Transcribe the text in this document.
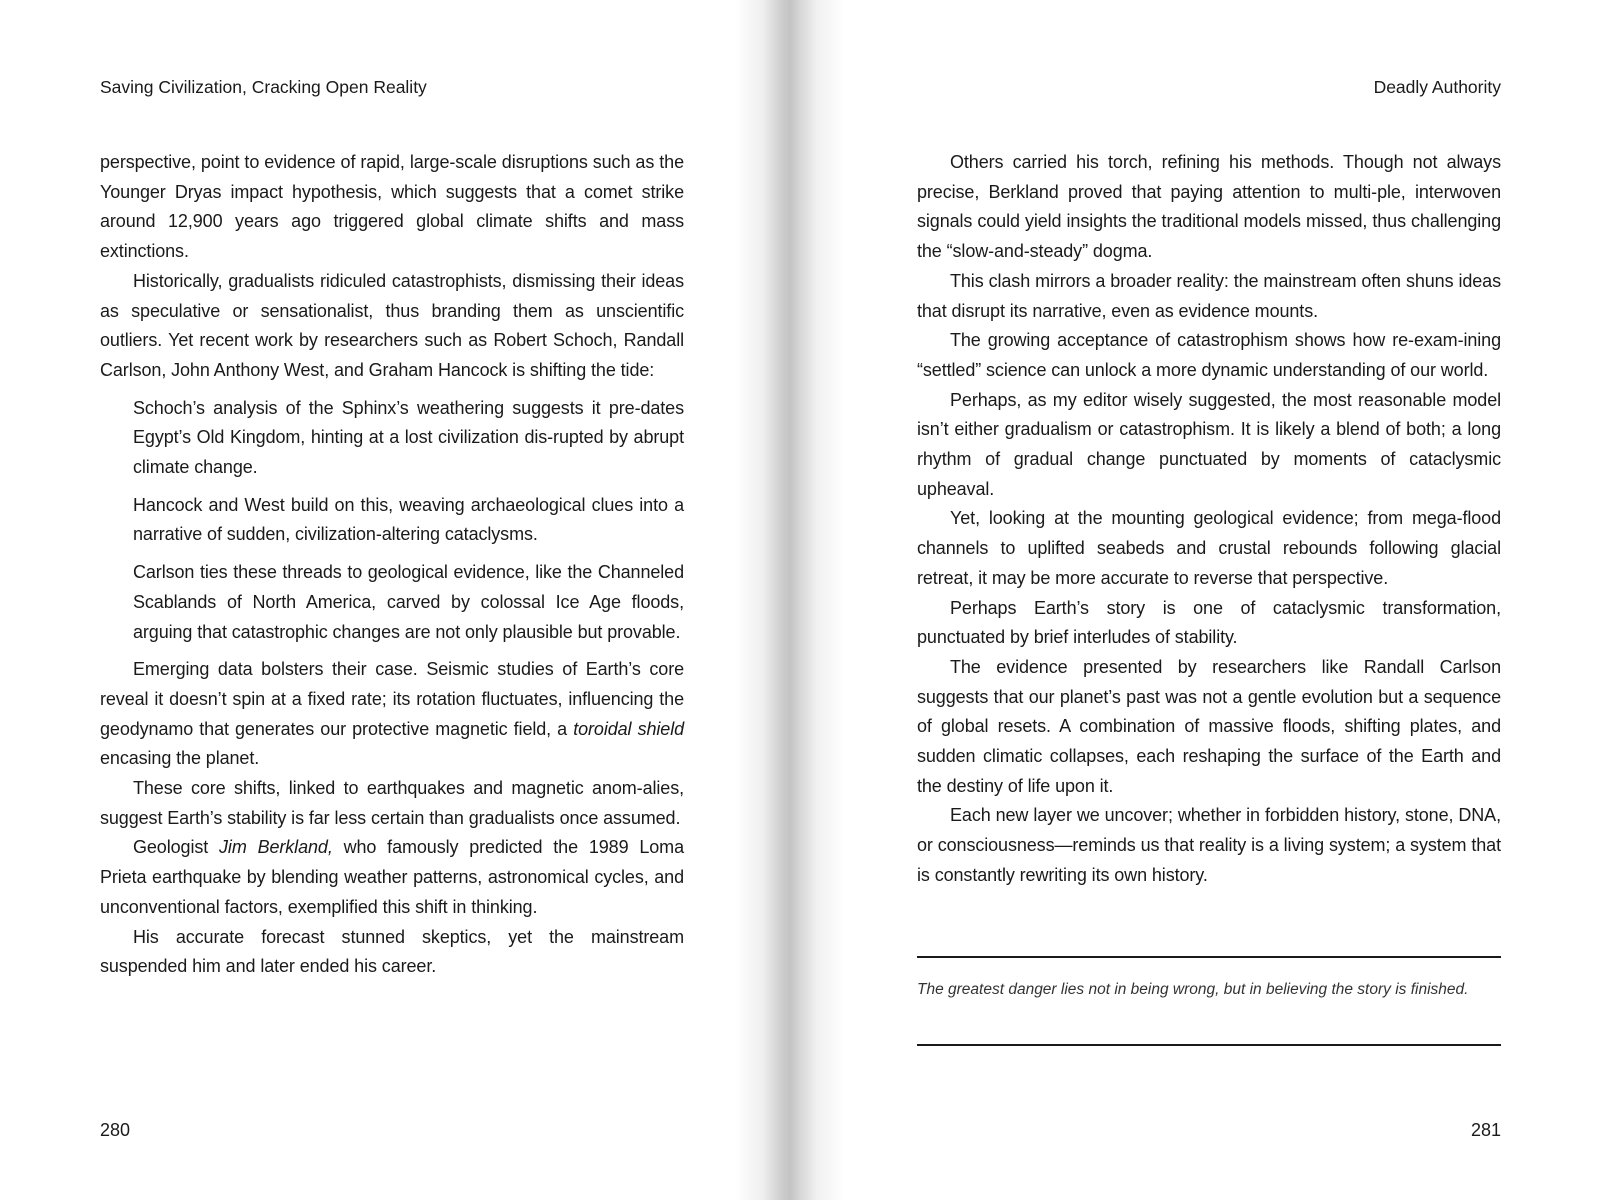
Saving Civilization, Cracking Open Reality

perspective, point to evidence of rapid, large-scale disruptions such as the Younger Dryas impact hypothesis, which suggests that a comet strike around 12,900 years ago triggered global climate shifts and mass extinctions.

Historically, gradualists ridiculed catastrophists, dismissing their ideas as speculative or sensationalist, thus branding them as unscientific outliers. Yet recent work by researchers such as Robert Schoch, Randall Carlson, John Anthony West, and Graham Hancock is shifting the tide:

Schoch’s analysis of the Sphinx’s weathering suggests it pre-dates Egypt’s Old Kingdom, hinting at a lost civilization dis-rupted by abrupt climate change.

Hancock and West build on this, weaving archaeological clues into a narrative of sudden, civilization-altering cataclysms.

Carlson ties these threads to geological evidence, like the Channeled Scablands of North America, carved by colossal Ice Age floods, arguing that catastrophic changes are not only plausible but provable.

Emerging data bolsters their case. Seismic studies of Earth’s core reveal it doesn’t spin at a fixed rate; its rotation fluctuates, influencing the geodynamo that generates our protective magnetic field, a toroidal shield encasing the planet.

These core shifts, linked to earthquakes and magnetic anom-alies, suggest Earth’s stability is far less certain than gradualists once assumed.

Geologist Jim Berkland, who famously predicted the 1989 Loma Prieta earthquake by blending weather patterns, astronomical cycles, and unconventional factors, exemplified this shift in thinking.

His accurate forecast stunned skeptics, yet the mainstream suspended him and later ended his career.

280
Deadly Authority

Others carried his torch, refining his methods. Though not always precise, Berkland proved that paying attention to multi-ple, interwoven signals could yield insights the traditional models missed, thus challenging the “slow-and-steady” dogma.

This clash mirrors a broader reality: the mainstream often shuns ideas that disrupt its narrative, even as evidence mounts.

The growing acceptance of catastrophism shows how re-exam-ining “settled” science can unlock a more dynamic understanding of our world.

Perhaps, as my editor wisely suggested, the most reasonable model isn’t either gradualism or catastrophism. It is likely a blend of both; a long rhythm of gradual change punctuated by moments of cataclysmic upheaval.

Yet, looking at the mounting geological evidence; from mega-flood channels to uplifted seabeds and crustal rebounds following glacial retreat, it may be more accurate to reverse that perspective.

Perhaps Earth’s story is one of cataclysmic transformation, punctuated by brief interludes of stability.

The evidence presented by researchers like Randall Carlson suggests that our planet’s past was not a gentle evolution but a sequence of global resets. A combination of massive floods, shifting plates, and sudden climatic collapses, each reshaping the surface of the Earth and the destiny of life upon it.

Each new layer we uncover; whether in forbidden history, stone, DNA, or consciousness—reminds us that reality is a living system; a system that is constantly rewriting its own history.

The greatest danger lies not in being wrong, but in believing the story is finished.
281
